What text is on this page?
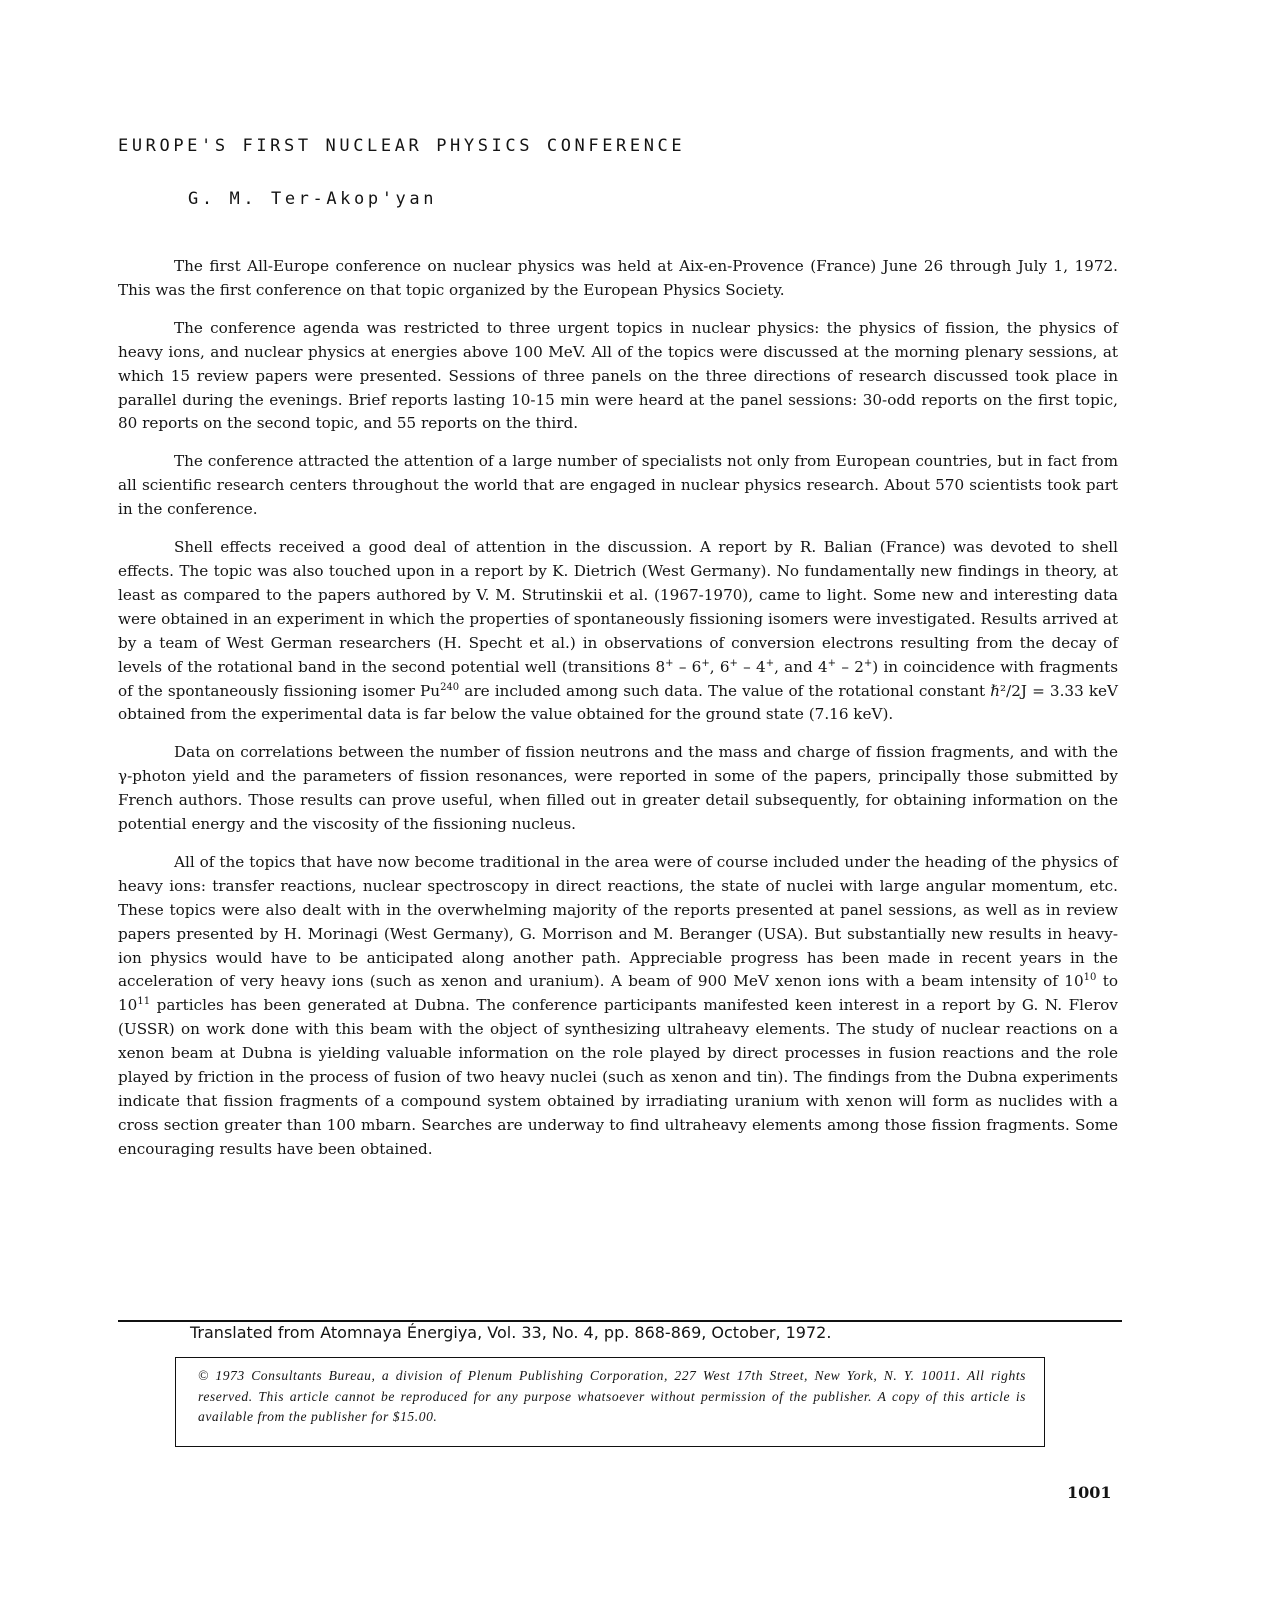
EUROPE'S FIRST NUCLEAR PHYSICS CONFERENCE
G. M. Ter-Akop'yan

The first All-Europe conference on nuclear physics was held at Aix-en-Provence (France) June 26 through July 1, 1972. This was the first conference on that topic organized by the European Physics Society.

The conference agenda was restricted to three urgent topics in nuclear physics: the physics of fission, the physics of heavy ions, and nuclear physics at energies above 100 MeV. All of the topics were discussed at the morning plenary sessions, at which 15 review papers were presented. Sessions of three panels on the three directions of research discussed took place in parallel during the evenings. Brief reports lasting 10-15 min were heard at the panel sessions: 30-odd reports on the first topic, 80 reports on the second topic, and 55 reports on the third.

The conference attracted the attention of a large number of specialists not only from European countries, but in fact from all scientific research centers throughout the world that are engaged in nuclear physics research. About 570 scientists took part in the conference.

Shell effects received a good deal of attention in the discussion. A report by R. Balian (France) was devoted to shell effects. The topic was also touched upon in a report by K. Dietrich (West Germany). No fundamentally new findings in theory, at least as compared to the papers authored by V. M. Strutinskii et al. (1967-1970), came to light. Some new and interesting data were obtained in an experiment in which the properties of spontaneously fissioning isomers were investigated. Results arrived at by a team of West German researchers (H. Specht et al.) in observations of conversion electrons resulting from the decay of levels of the rotational band in the second potential well (transitions 8+ – 6+, 6+ – 4+, and 4+ – 2+) in coincidence with fragments of the spontaneously fissioning isomer Pu$^{240}$ are included among such data. The value of the rotational constant ℏ²/2J = 3.33 keV obtained from the experimental data is far below the value obtained for the ground state (7.16 keV).

Data on correlations between the number of fission neutrons and the mass and charge of fission fragments, and with the γ-photon yield and the parameters of fission resonances, were reported in some of the papers, principally those submitted by French authors. Those results can prove useful, when filled out in greater detail subsequently, for obtaining information on the potential energy and the viscosity of the fissioning nucleus.

All of the topics that have now become traditional in the area were of course included under the heading of the physics of heavy ions: transfer reactions, nuclear spectroscopy in direct reactions, the state of nuclei with large angular momentum, etc. These topics were also dealt with in the overwhelming majority of the reports presented at panel sessions, as well as in review papers presented by H. Morinagi (West Germany), G. Morrison and M. Beranger (USA). But substantially new results in heavy-ion physics would have to be anticipated along another path. Appreciable progress has been made in recent years in the acceleration of very heavy ions (such as xenon and uranium). A beam of 900 MeV xenon ions with a beam intensity of $10^{10}$ to $10^{11}$ particles has been generated at Dubna. The conference participants manifested keen interest in a report by G. N. Flerov (USSR) on work done with this beam with the object of synthesizing ultraheavy elements. The study of nuclear reactions on a xenon beam at Dubna is yielding valuable information on the role played by direct processes in fusion reactions and the role played by friction in the process of fusion of two heavy nuclei (such as xenon and tin). The findings from the Dubna experiments indicate that fission fragments of a compound system obtained by irradiating uranium with xenon will form as nuclides with a cross section greater than 100 mbarn. Searches are underway to find ultraheavy elements among those fission fragments. Some encouraging results have been obtained.

Translated from Atomnaya Énergiya, Vol. 33, No. 4, pp. 868-869, October, 1972.
© 1973 Consultants Bureau, a division of Plenum Publishing Corporation, 227 West 17th Street, New York, N. Y. 10011. All rights reserved. This article cannot be reproduced for any purpose whatsoever without permission of the publisher. A copy of this article is available from the publisher for $15.00.
1001
